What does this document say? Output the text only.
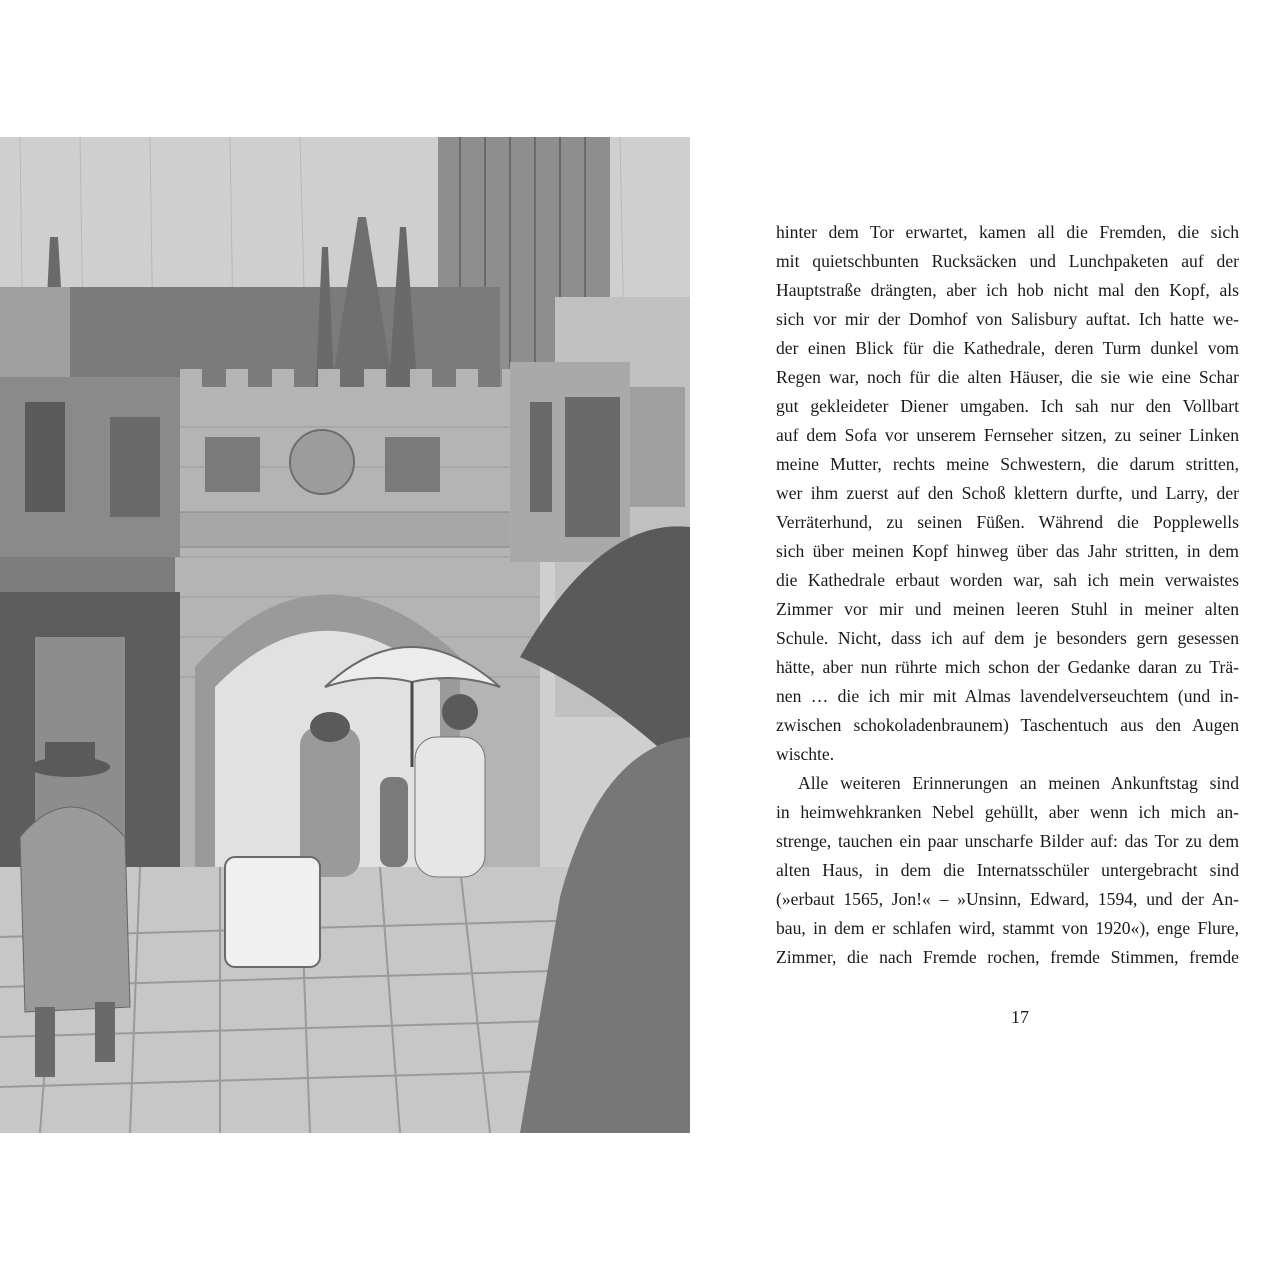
hinter dem Tor erwartet, kamen all die Fremden, die sich
mit quietschbunten Rucksäcken und Lunchpaketen auf der
Hauptstraße drängten, aber ich hob nicht mal den Kopf, als
sich vor mir der Domhof von Salisbury auftat. Ich hatte we-
der einen Blick für die Kathedrale, deren Turm dunkel vom
Regen war, noch für die alten Häuser, die sie wie eine Schar
gut gekleideter Diener umgaben. Ich sah nur den Vollbart
auf dem Sofa vor unserem Fernseher sitzen, zu seiner Linken
meine Mutter, rechts meine Schwestern, die darum stritten,
wer ihm zuerst auf den Schoß klettern durfte, und Larry, der
Verräterhund, zu seinen Füßen. Während die Popplewells
sich über meinen Kopf hinweg über das Jahr stritten, in dem
die Kathedrale erbaut worden war, sah ich mein verwaistes
Zimmer vor mir und meinen leeren Stuhl in meiner alten
Schule. Nicht, dass ich auf dem je besonders gern gesessen
hätte, aber nun rührte mich schon der Gedanke daran zu Trä-
nen … die ich mir mit Almas lavendelverseuchtem (und in-
zwischen schokoladenbraunem) Taschentuch aus den Augen
wischte.
Alle weiteren Erinnerungen an meinen Ankunftstag sind
in heimwehkranken Nebel gehüllt, aber wenn ich mich an-
strenge, tauchen ein paar unscharfe Bilder auf: das Tor zu dem
alten Haus, in dem die Internatsschüler untergebracht sind
(»erbaut 1565, Jon!« – »Unsinn, Edward, 1594, und der An-
bau, in dem er schlafen wird, stammt von 1920«), enge Flure,
Zimmer, die nach Fremde rochen, fremde Stimmen, fremde
17
